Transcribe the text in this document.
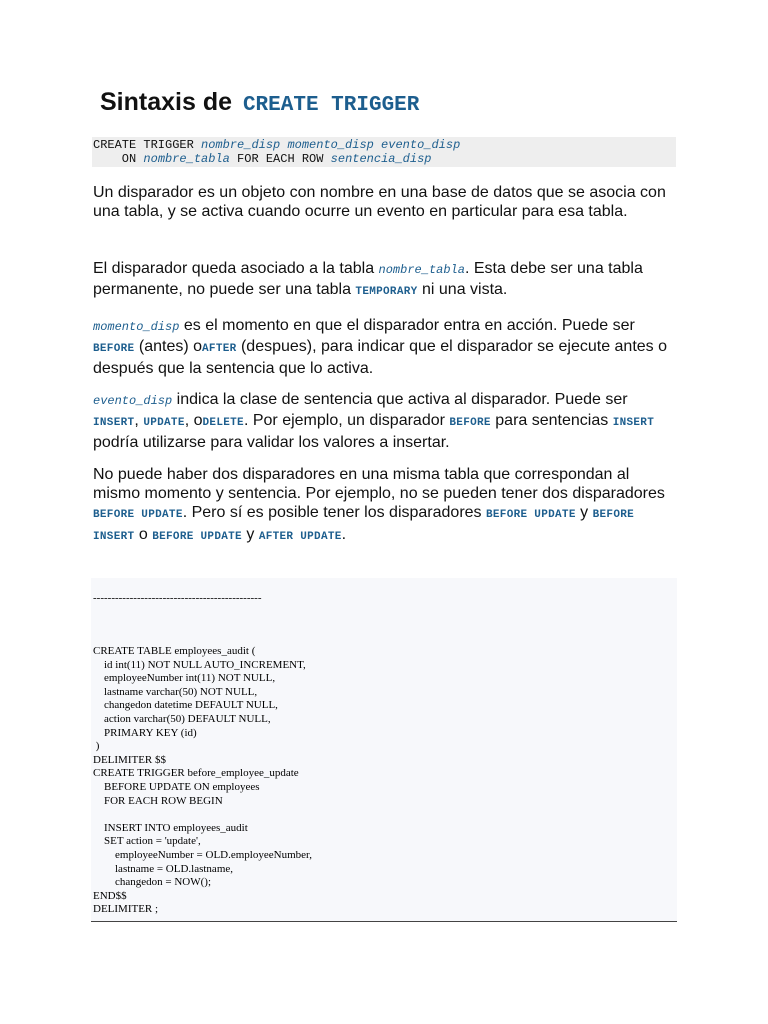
Sintaxis de CREATE TRIGGER
CREATE TRIGGER nombre_disp momento_disp evento_disp
ON nombre_tabla FOR EACH ROW sentencia_disp

Un disparador es un objeto con nombre en una base de datos que se asocia con una tabla, y se activa cuando ocurre un evento en particular para esa tabla.

El disparador queda asociado a la tabla nombre_tabla. Esta debe ser una tabla permanente, no puede ser una tabla TEMPORARY ni una vista.

momento_disp es el momento en que el disparador entra en acción. Puede ser BEFORE (antes) oAFTER (despues), para indicar que el disparador se ejecute antes o después que la sentencia que lo activa.

evento_disp indica la clase de sentencia que activa al disparador. Puede ser INSERT, UPDATE, oDELETE. Por ejemplo, un disparador BEFORE para sentencias INSERT podría utilizarse para validar los valores a insertar.

No puede haber dos disparadores en una misma tabla que correspondan al mismo momento y sentencia. Por ejemplo, no se pueden tener dos disparadores BEFORE UPDATE. Pero sí es posible tener los disparadores BEFORE UPDATE y BEFORE INSERT o BEFORE UPDATE y AFTER UPDATE.

----------------------------------------------
CREATE TABLE employees_audit (
id int(11) NOT NULL AUTO_INCREMENT,
employeeNumber int(11) NOT NULL,
lastname varchar(50) NOT NULL,
changedon datetime DEFAULT NULL,
action varchar(50) DEFAULT NULL,
PRIMARY KEY (id)
)
DELIMITER $$
CREATE TRIGGER before_employee_update
BEFORE UPDATE ON employees
FOR EACH ROW BEGIN

INSERT INTO employees_audit
SET action = 'update',
employeeNumber = OLD.employeeNumber,
lastname = OLD.lastname,
changedon = NOW();
END$$
DELIMITER ;
